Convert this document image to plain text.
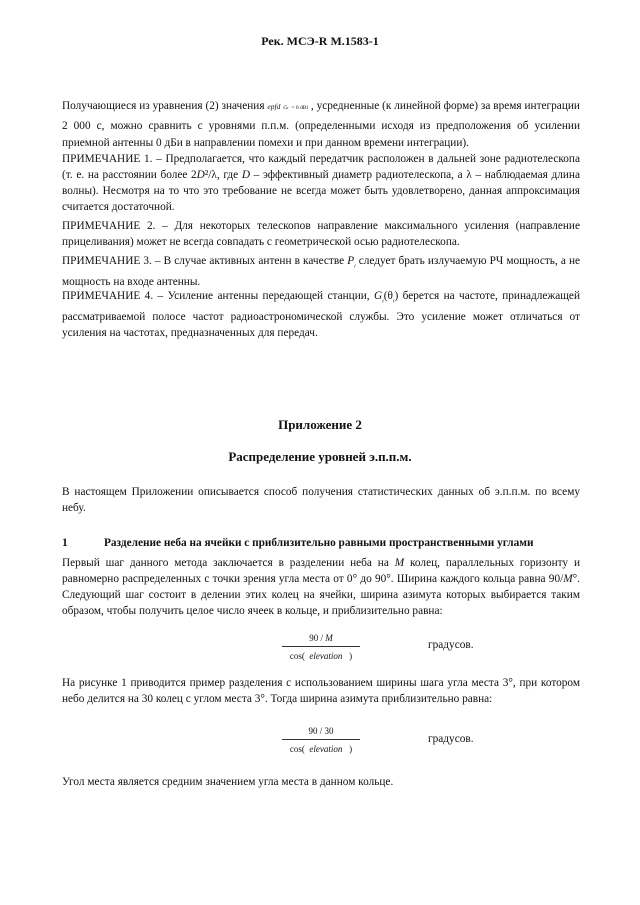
Рек. МСЭ-R M.1583-1

Получающиеся из уравнения (2) значения epfd Gr = 0 dBi , усредненные (к линейной форме) за время интеграции 2 000 с, можно сравнить с уровнями п.п.м. (определенными исходя из предположения об усилении приемной антенны 0 дБи в направлении помехи и при данном времени интеграции).

ПРИМЕЧАНИЕ 1. – Предполагается, что каждый передатчик расположен в дальней зоне радиотелескопа (т. е. на расстоянии более 2D²/λ, где D – эффективный диаметр радиотелескопа, а λ – наблюдаемая длина волны). Несмотря на то что это требование не всегда может быть удовлетворено, данная аппроксимация считается достаточной.

ПРИМЕЧАНИЕ 2. – Для некоторых телескопов направление максимального усиления (направление прицеливания) может не всегда совпадать с геометрической осью радиотелескопа.

ПРИМЕЧАНИЕ 3. – В случае активных антенн в качестве $P_i$ следует брать излучаемую РЧ мощность, а не мощность на входе антенны.

ПРИМЕЧАНИЕ 4. – Усиление антенны передающей станции, $G_t(\theta_i)$ берется на частоте, принадлежащей рассматриваемой полосе частот радиоастрономической службы. Это усиление может отличаться от усиления на частотах, предназначенных для передач.

Приложение 2

Распределение уровней э.п.п.м.

В настоящем Приложении описывается способ получения статистических данных об э.п.п.м. по всему небу.

1	Разделение неба на ячейки с приблизительно равными пространственными углами

Первый шаг данного метода заключается в разделении неба на M колец, параллельных горизонту и равномерно распределенных с точки зрения угла места от 0° до 90°. Ширина каждого кольца равна 90/M°. Следующий шаг состоит в делении этих колец на ячейки, ширина азимута которых выбирается таким образом, чтобы получить целое число ячеек в кольце, и приблизительно равна:

90 / M
cos( elevation )
градусов.

На рисунке 1 приводится пример разделения с использованием ширины шага угла места 3°, при котором небо делится на 30 колец с углом места 3°. Тогда ширина азимута приблизительно равна:

90 / 30
cos( elevation )
градусов.

Угол места является средним значением угла места в данном кольце.
